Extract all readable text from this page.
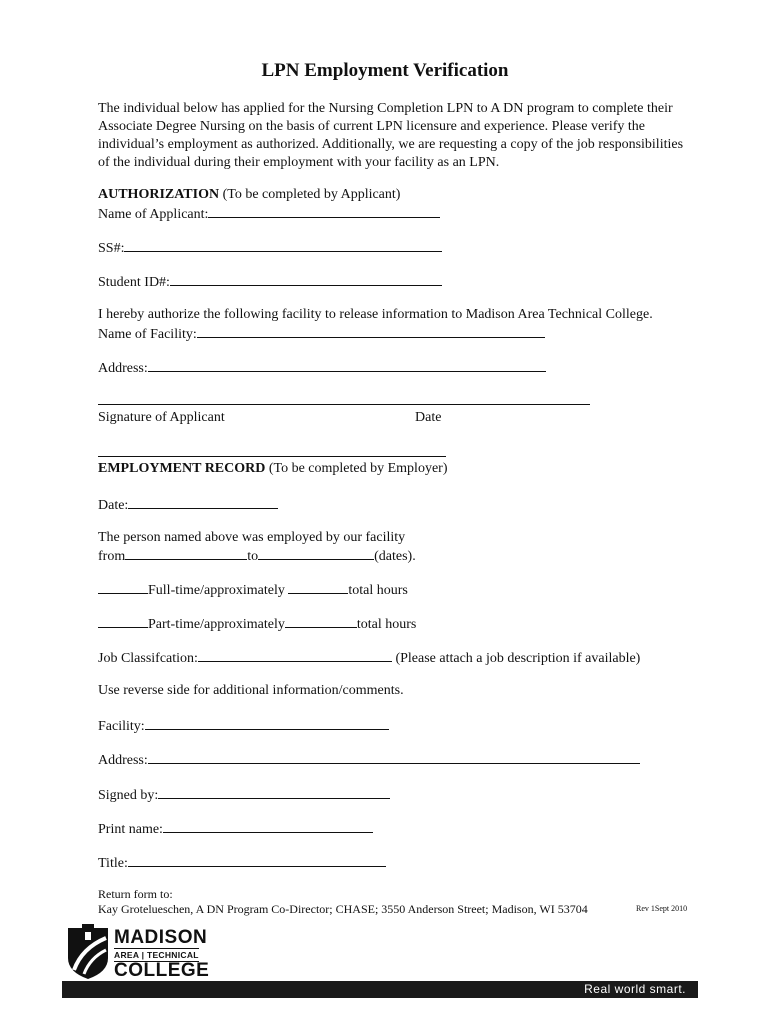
LPN Employment Verification
The individual below has applied for the Nursing Completion LPN to A DN program to complete their Associate Degree Nursing on the basis of current LPN licensure and experience. Please verify the individual’s employment as authorized. Additionally, we are requesting a copy of the job responsibilities of the individual during their employment with your facility as an LPN.
AUTHORIZATION (To be completed by Applicant)
Name of Applicant:
SS#:
Student ID#:
I hereby authorize the following facility to release information to Madison Area Technical College.
Name of Facility:
Address:
Signature of Applicant	Date
EMPLOYMENT RECORD (To be completed by Employer)
Date:
The person named above was employed by our facility
from	to	(dates).
Full-time/approximately	total hours
Part-time/approximately	total hours
Job Classifcation:	(Please attach a job description if available)
Use reverse side for additional information/comments.
Facility:
Address:
Signed by:
Print name:
Title:
Return form to:
Kay Grotelueschen, A DN Program Co-Director; CHASE; 3550 Anderson Street; Madison, WI 53704	Rev 1Sept 2010
MADISON
AREA | TECHNICAL
COLLEGE
Real world smart.
